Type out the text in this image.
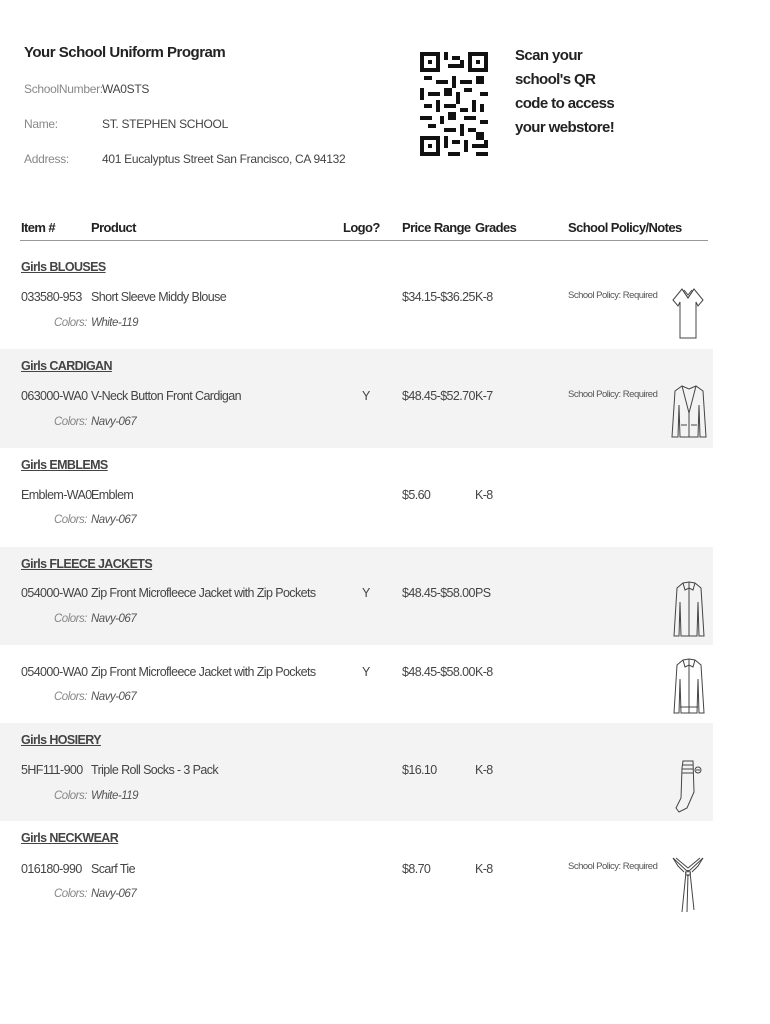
Your School Uniform Program
SchoolNumber: WA0STS
Name:	ST. STEPHEN SCHOOL
Address:	401 Eucalyptus Street San Francisco, CA 94132
Scan your
school's QR
code to access
your webstore!
Item #	Product	Logo? Price Range Grades	School Policy/Notes
Girls BLOUSES
033580-953 Short Sleeve Middy Blouse	$34.15-$36.25 K-8	School Policy: Required
Colors: White-119
Girls CARDIGAN
063000-WA0 V-Neck Button Front Cardigan	Y	$48.45-$52.70 K-7	School Policy: Required
Colors: Navy-067
Girls EMBLEMS
Emblem-WA0 Emblem	$5.60	K-8
Colors: Navy-067
Girls FLEECE JACKETS
054000-WA0 Zip Front Microfleece Jacket with Zip Pockets	Y	$48.45-$58.00 PS
Colors: Navy-067
054000-WA0 Zip Front Microfleece Jacket with Zip Pockets	Y	$48.45-$58.00 K-8
Colors: Navy-067
Girls HOSIERY
5HF111-900 Triple Roll Socks - 3 Pack	$16.10	K-8
Colors: White-119
Girls NECKWEAR
016180-990 Scarf Tie	$8.70	K-8	School Policy: Required
Colors: Navy-067
